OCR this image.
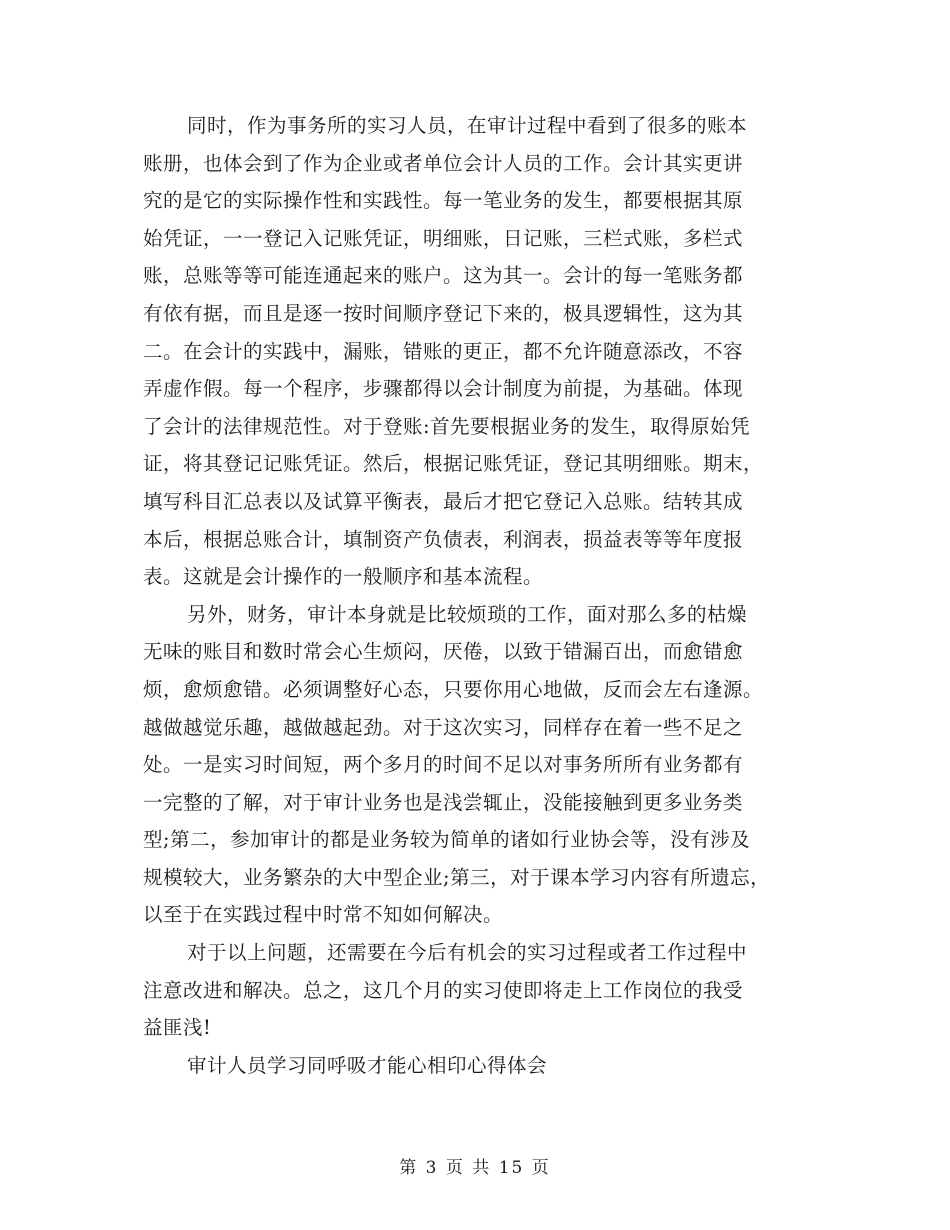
同时，作为事务所的实习人员，在审计过程中看到了很多的账本
账册，也体会到了作为企业或者单位会计人员的工作。会计其实更讲
究的是它的实际操作性和实践性。每一笔业务的发生，都要根据其原
始凭证，一一登记入记账凭证，明细账，日记账，三栏式账，多栏式
账，总账等等可能连通起来的账户。这为其一。会计的每一笔账务都
有依有据，而且是逐一按时间顺序登记下来的，极具逻辑性，这为其
二。在会计的实践中，漏账，错账的更正，都不允许随意添改，不容
弄虚作假。每一个程序，步骤都得以会计制度为前提，为基础。体现
了会计的法律规范性。对于登账:首先要根据业务的发生，取得原始凭
证，将其登记记账凭证。然后，根据记账凭证，登记其明细账。期末，
填写科目汇总表以及试算平衡表，最后才把它登记入总账。结转其成
本后，根据总账合计，填制资产负债表，利润表，损益表等等年度报
表。这就是会计操作的一般顺序和基本流程。
另外，财务，审计本身就是比较烦琐的工作，面对那么多的枯燥
无味的账目和数时常会心生烦闷，厌倦，以致于错漏百出，而愈错愈
烦，愈烦愈错。必须调整好心态，只要你用心地做，反而会左右逢源。
越做越觉乐趣，越做越起劲。对于这次实习，同样存在着一些不足之
处。一是实习时间短，两个多月的时间不足以对事务所所有业务都有
一完整的了解，对于审计业务也是浅尝辄止，没能接触到更多业务类
型;第二，参加审计的都是业务较为简单的诸如行业协会等，没有涉及
规模较大，业务繁杂的大中型企业;第三，对于课本学习内容有所遗忘，
以至于在实践过程中时常不知如何解决。
对于以上问题，还需要在今后有机会的实习过程或者工作过程中
注意改进和解决。总之，这几个月的实习使即将走上工作岗位的我受
益匪浅!
审计人员学习同呼吸才能心相印心得体会
第 3 页 共 15 页
